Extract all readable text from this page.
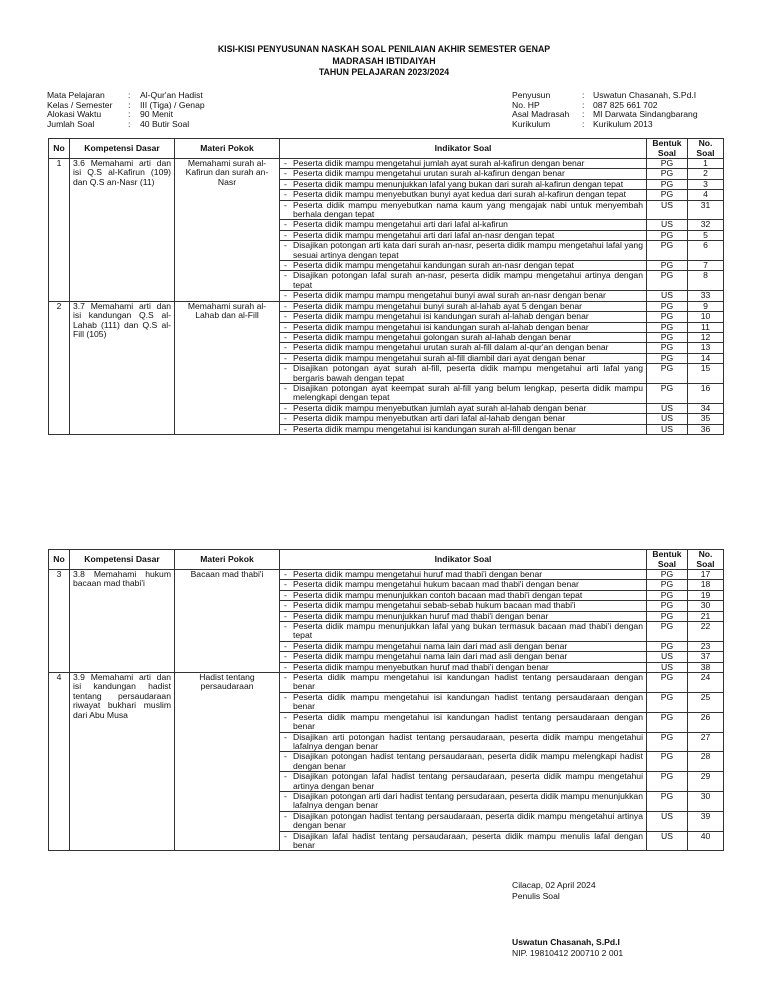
KISI-KISI PENYUSUNAN NASKAH SOAL PENILAIAN AKHIR SEMESTER GENAP
MADRASAH IBTIDAIYAH
TAHUN PELAJARAN 2023/2024
Mata Pelajaran	:	Al-Qur'an Hadist
Kelas / Semester	:	III (Tiga) / Genap
Alokasi Waktu	:	90 Menit
Jumlah Soal	:	40 Butir Soal
Penyusun	:	Uswatun Chasanah, S.Pd.I
No. HP	:	087 825 661 702
Asal Madrasah	:	MI Darwata Sindangbarang
Kurikulum	:	Kurikulum 2013
No	Kompetensi Dasar	Materi Pokok	Indikator Soal	Bentuk Soal	No. Soal
1	3.6 Memahami arti dan isi Q.S al-Kafirun (109) dan Q.S an-Nasr (11)	Memahami surah al-Kafirun dan surah an-Nasr	- Peserta didik mampu mengetahui jumlah ayat surah al-kafirun dengan benar	PG	1

			- Peserta didik mampu mengetahui urutan surah al-kafirun dengan benar	PG	2

			- Peserta didik mampu menunjukkan lafal yang bukan dari surah al-kafirun dengan tepat	PG	3

			- Peserta didik mampu menyebutkan bunyi ayat kedua dari surah al-kafirun dengan tepat	PG	4

			- Peserta didik mampu menyebutkan nama kaum yang mengajak nabi untuk menyembah berhala dengan tepat	US	31

			- Peserta didik mampu mengetahui arti dari lafal al-kafirun	US	32

			- Peserta didik mampu mengetahui arti dari lafal an-nasr dengan tepat	PG	5

			- Disajikan potongan arti kata dari surah an-nasr, peserta didik mampu mengetahui lafal yang sesuai artinya dengan tepat	PG	6

			- Peserta didik mampu mengetahui kandungan surah an-nasr dengan tepat	PG	7

			- Disajikan potongan lafal surah an-nasr, peserta didik mampu mengetahui artinya dengan tepat	PG	8

			- Peserta didik mampu mampu mengetahui bunyi awal surah an-nasr dengan benar	US	33
2	3.7 Memahami arti dan isi kandungan Q.S al-Lahab (111) dan Q.S al-Fill (105)	Memahami surah al-Lahab dan al-Fill	- Peserta didik mampu mengetahui bunyi surah al-lahab ayat 5 dengan benar	PG	9

			- Peserta didik mampu mengetahui isi kandungan surah al-lahab dengan benar	PG	10

			- Peserta didik mampu mengetahui isi kandungan surah al-lahab dengan benar	PG	11

			- Peserta didik mampu mengetahui golongan surah al-lahab dengan benar	PG	12

			- Peserta didik mampu mengetahui urutan surah al-fill dalam al-qur'an dengan benar	PG	13

			- Peserta didik mampu mengetahui surah al-fill diambil dari ayat dengan benar	PG	14

			- Disajikan potongan ayat surah al-fill, peserta didik mampu mengetahui arti lafal yang bergaris bawah dengan tepat	PG	15

			- Disajikan potongan ayat keempat surah al-fill yang belum lengkap, peserta didik mampu melengkapi dengan tepat	PG	16

			- Peserta didik mampu menyebutkan jumlah ayat surah al-lahab dengan benar	US	34

			- Peserta didik mampu menyebutkan arti dari lafal al-lahab dengan benar	US	35

			- Peserta didik mampu mengetahui isi kandungan surah al-fill dengan benar	US	36
No	Kompetensi Dasar	Materi Pokok	Indikator Soal	Bentuk Soal	No. Soal
3	3.8 Memahami hukum bacaan mad thabi'i	Bacaan mad thabi'i	- Peserta didik mampu mengetahui huruf mad thabi'i dengan benar	PG	17

			- Peserta didik mampu mengetahui hukum bacaan mad thabi'i dengan benar	PG	18

			- Peserta didik mampu menunjukkan contoh bacaan mad thabi'i dengan tepat	PG	19

			- Peserta didik mampu mengetahui sebab-sebab hukum bacaan mad thabi'i	PG	30

			- Peserta didik mampu menunjukkan huruf mad thabi'i dengan benar	PG	21

			- Peserta didik mampu menunjukkan lafal yang bukan termasuk bacaan mad thabi'i dengan tepat	PG	22

			- Peserta didik mampu mengetahui nama lain dari mad asli dengan benar	PG	23

			- Peserta didik mampu mengetahui nama lain dari mad asli dengan benar	US	37

			- Peserta didik mampu menyebutkan huruf mad thabi'i dengan benar	US	38
4	3.9 Memahami arti dan isi kandungan hadist tentang persaudaraan riwayat bukhari muslim dari Abu Musa	Hadist tentang persaudaraan	- Peserta didik mampu mengetahui isi kandungan hadist tentang persaudaraan dengan benar	PG	24

			- Peserta didik mampu mengetahui isi kandungan hadist tentang persaudaraan dengan benar	PG	25

			- Peserta didik mampu mengetahui isi kandungan hadist tentang persaudaraan dengan benar	PG	26

			- Disajikan arti potongan hadist tentang persaudaraan, peserta didik mampu mengetahui lafalnya dengan benar	PG	27

			- Disajikan potongan hadist tentang persaudaraan, peserta didik mampu melengkapi hadist dengan benar	PG	28

			- Disajikan potongan lafal hadist tentang persaudaraan, peserta didik mampu mengetahui artinya dengan benar	PG	29

			- Disajikan potongan arti dari hadist tentang persudaraan, peserta didik mampu menunjukkan lafalnya dengan benar	PG	30

			- Disajikan potongan hadist tentang persaudaraan, peserta didik mampu mengetahui artinya dengan benar	US	39

			- Disajikan lafal hadist tentang persaudaraan, peserta didik mampu menulis lafal dengan benar	US	40
Cilacap, 02 April 2024
Penulis Soal
Uswatun Chasanah, S.Pd.I
NIP. 19810412 200710 2 001
